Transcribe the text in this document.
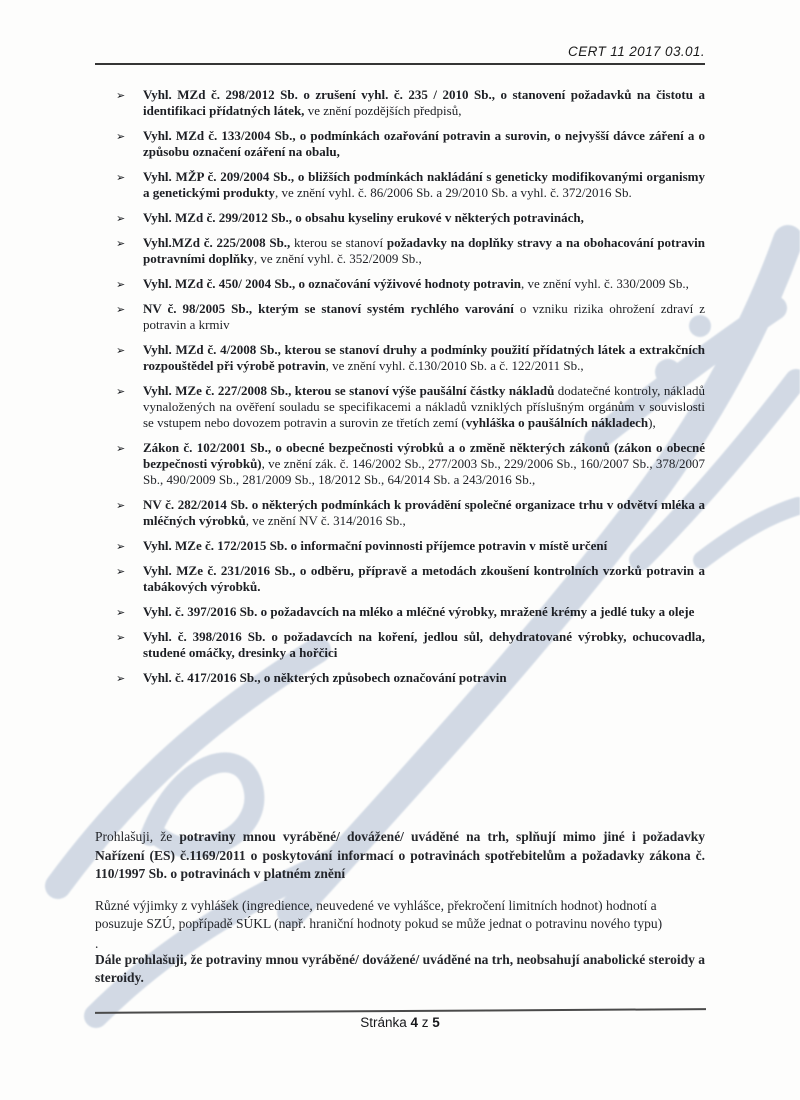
CERT 11 2017 03.01.

➢ Vyhl. MZd č. 298/2012 Sb. o zrušení vyhl. č. 235 / 2010 Sb., o stanovení požadavků na čistotu a identifikaci přídatných látek, ve znění pozdějších předpisů,
➢ Vyhl. MZd č. 133/2004 Sb., o podmínkách ozařování potravin a surovin, o nejvyšší dávce záření a o způsobu označení ozáření na obalu,
➢ Vyhl. MŽP č. 209/2004 Sb., o bližších podmínkách nakládání s geneticky modifikovanými organismy a genetickými produkty, ve znění vyhl. č. 86/2006 Sb. a 29/2010 Sb. a vyhl. č. 372/2016 Sb.
➢ Vyhl. MZd č. 299/2012 Sb., o obsahu kyseliny erukové v některých potravinách,
➢ Vyhl.MZd č. 225/2008 Sb., kterou se stanoví požadavky na doplňky stravy a na obohacování potravin potravními doplňky, ve znění vyhl. č. 352/2009 Sb.,
➢ Vyhl. MZd č. 450/ 2004 Sb., o označování výživové hodnoty potravin, ve znění vyhl. č. 330/2009 Sb.,
➢ NV č. 98/2005 Sb., kterým se stanoví systém rychlého varování o vzniku rizika ohrožení zdraví z potravin a krmiv
➢ Vyhl. MZd č. 4/2008 Sb., kterou se stanoví druhy a podmínky použití přídatných látek a extrakčních rozpouštědel při výrobě potravin, ve znění vyhl. č.130/2010 Sb. a č. 122/2011 Sb.,
➢ Vyhl. MZe č. 227/2008 Sb., kterou se stanoví výše paušální částky nákladů dodatečné kontroly, nákladů vynaložených na ověření souladu se specifikacemi a nákladů vzniklých příslušným orgánům v souvislosti se vstupem nebo dovozem potravin a surovin ze třetích zemí (vyhláška o paušálních nákladech),
➢ Zákon č. 102/2001 Sb., o obecné bezpečnosti výrobků a o změně některých zákonů (zákon o obecné bezpečnosti výrobků), ve znění zák. č. 146/2002 Sb., 277/2003 Sb., 229/2006 Sb., 160/2007 Sb., 378/2007 Sb., 490/2009 Sb., 281/2009 Sb., 18/2012 Sb., 64/2014 Sb. a 243/2016 Sb.,
➢ NV č. 282/2014 Sb. o některých podmínkách k provádění společné organizace trhu v odvětví mléka a mléčných výrobků, ve znění NV č. 314/2016 Sb.,
➢ Vyhl. MZe č. 172/2015 Sb. o informační povinnosti příjemce potravin v místě určení
➢ Vyhl. MZe č. 231/2016 Sb., o odběru, přípravě a metodách zkoušení kontrolních vzorků potravin a tabákových výrobků.
➢ Vyhl. č. 397/2016 Sb. o požadavcích na mléko a mléčné výrobky, mražené krémy a jedlé tuky a oleje
➢ Vyhl. č. 398/2016 Sb. o požadavcích na koření, jedlou sůl, dehydratované výrobky, ochucovadla, studené omáčky, dresinky a hořčici
➢ Vyhl. č. 417/2016 Sb., o některých způsobech označování potravin

Prohlašuji, že potraviny mnou vyráběné/ dovážené/ uváděné na trh, splňují mimo jiné i požadavky Nařízení (ES) č.1169/2011 o poskytování informací o potravinách spotřebitelům a požadavky zákona č. 110/1997 Sb. o potravinách v platném znění

Různé výjimky z vyhlášek (ingredience, neuvedené ve vyhlášce, překročení limitních hodnot) hodnotí a posuzuje SZÚ, popřípadě SÚKL (např. hraniční hodnoty pokud se může jednat o potravinu nového typu)

.

Dále prohlašuji, že potraviny mnou vyráběné/ dovážené/ uváděné na trh, neobsahují anabolické steroidy a steroidy.

Stránka 4 z 5
